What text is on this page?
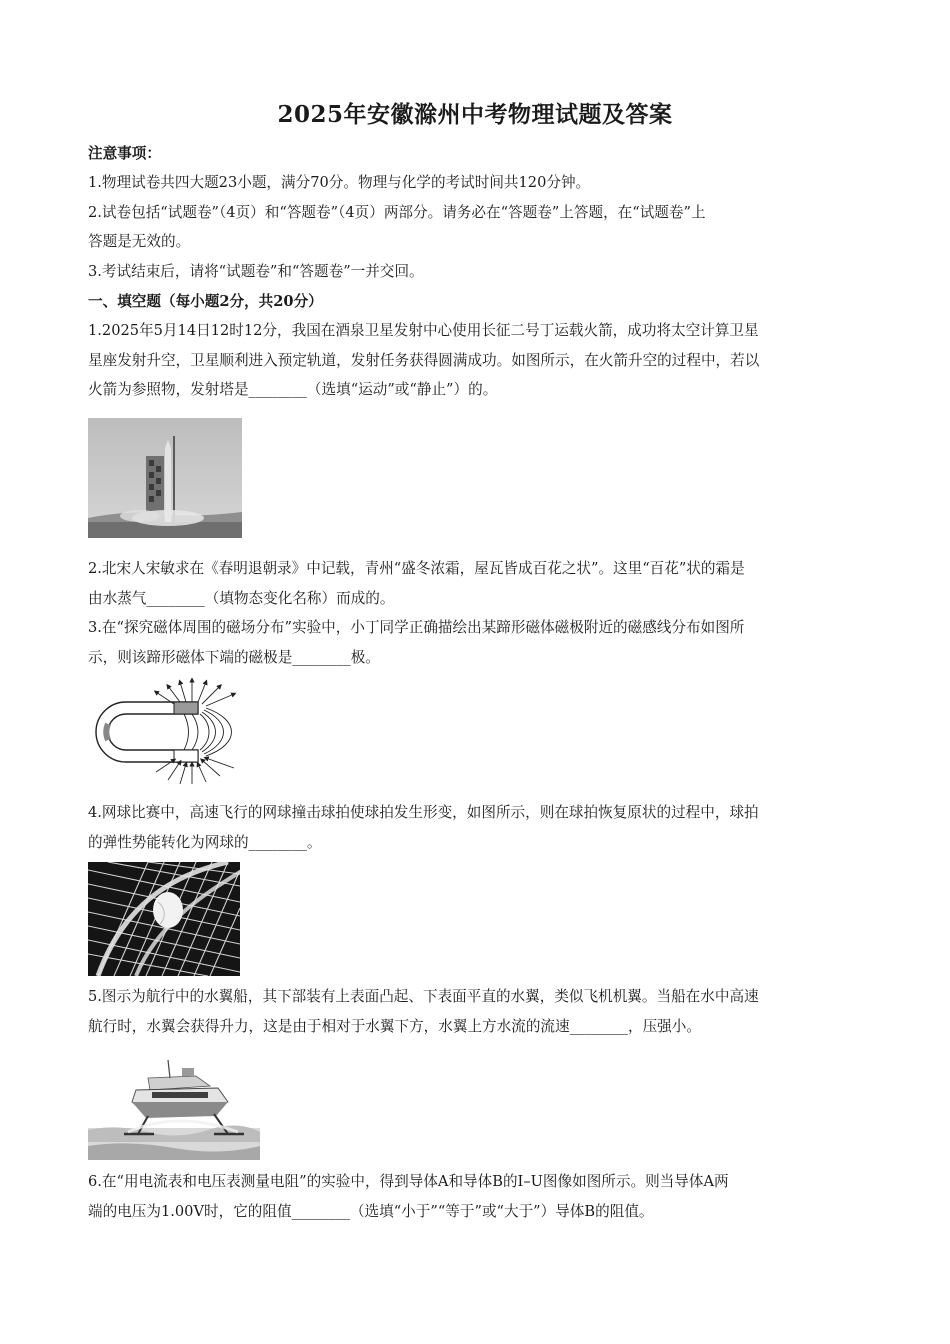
2025年安徽滁州中考物理试题及答案
注意事项：
1.物理试卷共四大题23小题，满分70分。物理与化学的考试时间共120分钟。
2.试卷包括“试题卷”（4页）和“答题卷”（4页）两部分。请务必在“答题卷”上答题，在“试题卷”上
答题是无效的。
3.考试结束后，请将“试题卷”和“答题卷”一并交回。
一、填空题（每小题2分，共20分）
1.2025年5月14日12时12分，我国在酒泉卫星发射中心使用长征二号丁运载火箭，成功将太空计算卫星
星座发射升空，卫星顺利进入预定轨道，发射任务获得圆满成功。如图所示，在火箭升空的过程中，若以
火箭为参照物，发射塔是________（选填“运动”或“静止”）的。
2.北宋人宋敏求在《春明退朝录》中记载，青州“盛冬浓霜，屋瓦皆成百花之状”。这里“百花”状的霜是
由水蒸气________（填物态变化名称）而成的。
3.在“探究磁体周围的磁场分布”实验中，小丁同学正确描绘出某蹄形磁体磁极附近的磁感线分布如图所
示，则该蹄形磁体下端的磁极是________极。
4.网球比赛中，高速飞行的网球撞击球拍使球拍发生形变，如图所示，则在球拍恢复原状的过程中，球拍
的弹性势能转化为网球的________。
5.图示为航行中的水翼船，其下部装有上表面凸起、下表面平直的水翼，类似飞机机翼。当船在水中高速
航行时，水翼会获得升力，这是由于相对于水翼下方，水翼上方水流的流速________，压强小。
6.在“用电流表和电压表测量电阻”的实验中，得到导体A和导体B的I–U图像如图所示。则当导体A两
端的电压为1.00V时，它的阻值________（选填“小于”“等于”或“大于”）导体B的阻值。
